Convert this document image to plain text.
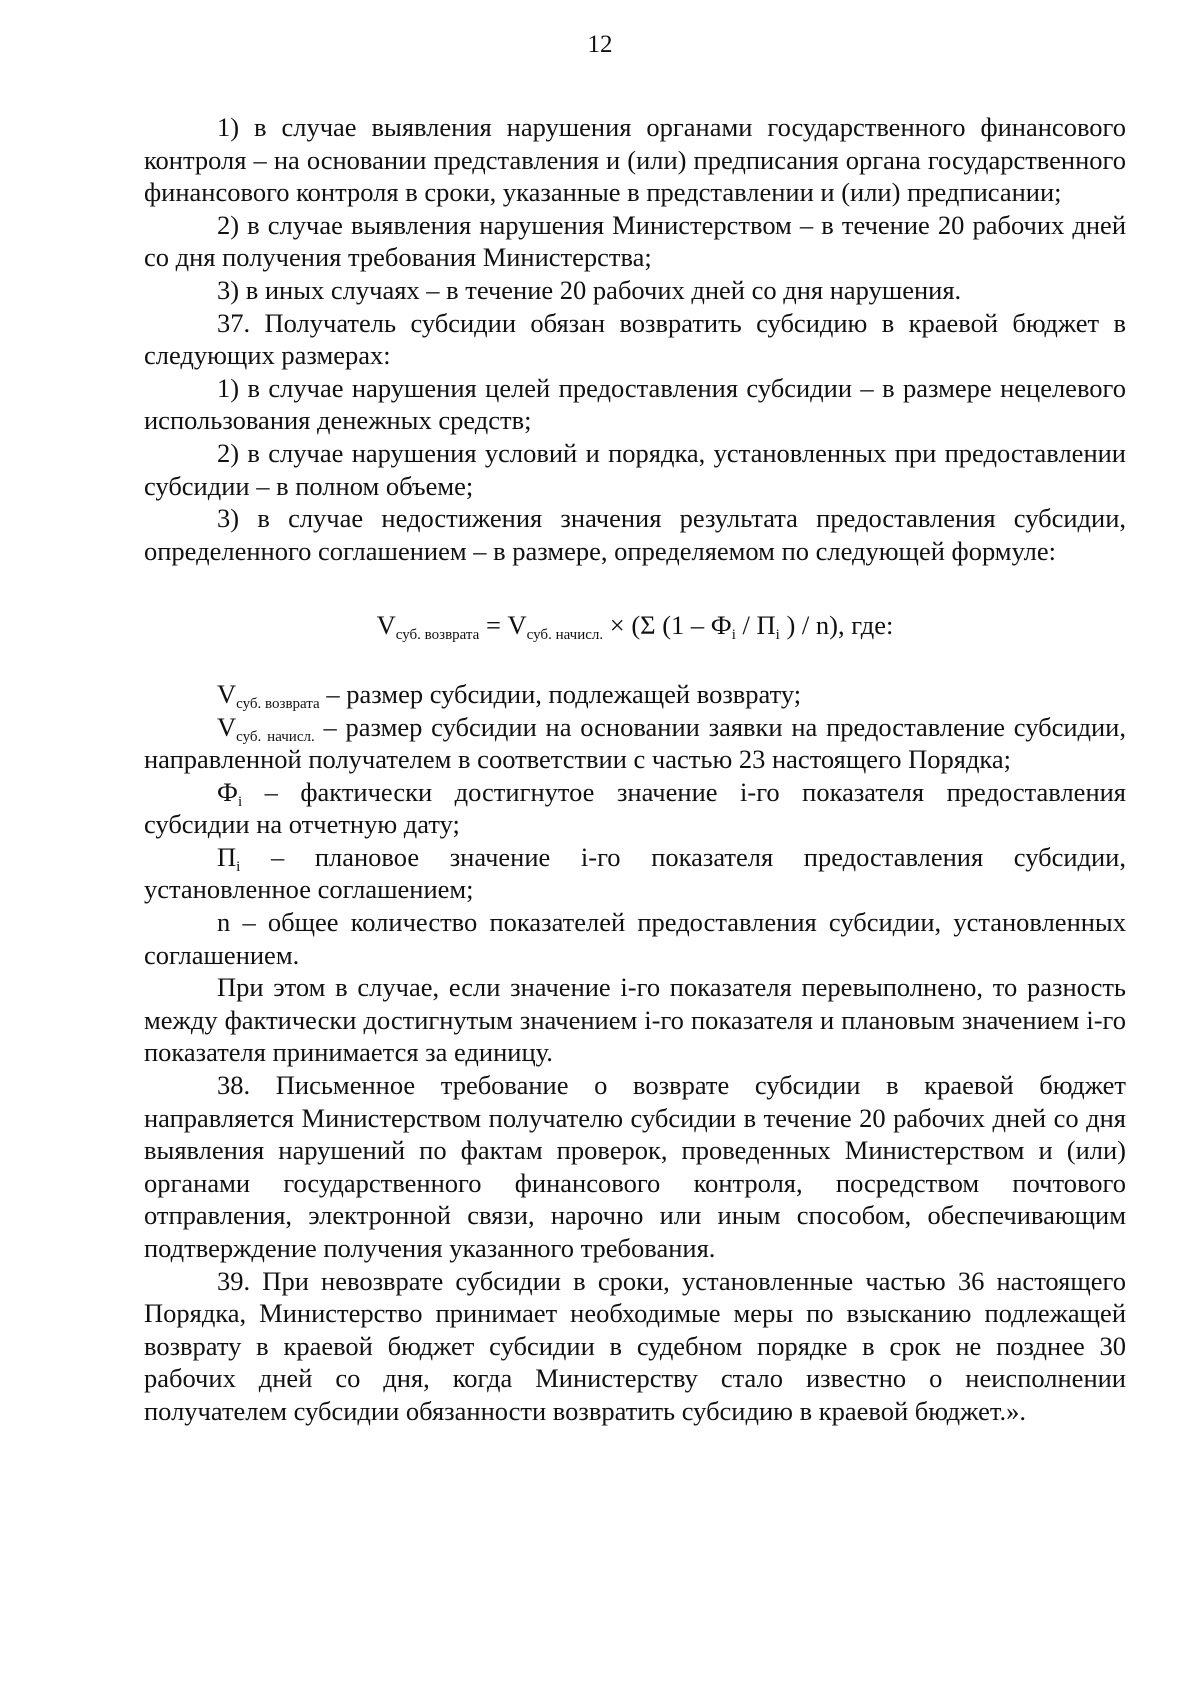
12

1) в случае выявления нарушения органами государственного финансового контроля – на основании представления и (или) предписания органа государственного финансового контроля в сроки, указанные в представлении и (или) предписании;

2) в случае выявления нарушения Министерством – в течение 20 рабочих дней со дня получения требования Министерства;

3) в иных случаях – в течение 20 рабочих дней со дня нарушения.

37. Получатель субсидии обязан возвратить субсидию в краевой бюджет в следующих размерах:

1) в случае нарушения целей предоставления субсидии – в размере нецелевого использования денежных средств;

2) в случае нарушения условий и порядка, установленных при предоставлении субсидии – в полном объеме;

3) в случае недостижения значения результата предоставления субсидии, определенного соглашением – в размере, определяемом по следующей формуле:

$V_{суб. возврата} = V_{суб. начисл.} \times (\Sigma$ ($1 - Ф_i / П_i$ ) / n), где:

$V_{суб. возврата}$ – размер субсидии, подлежащей возврату;

$V_{суб. начисл.}$ – размер субсидии на основании заявки на предоставление субсидии, направленной получателем в соответствии с частью 23 настоящего Порядка;

$Ф_i$ – фактически достигнутое значение i-го показателя предоставления субсидии на отчетную дату;

$П_i$ – плановое значение i-го показателя предоставления субсидии, установленное соглашением;

n – общее количество показателей предоставления субсидии, установленных соглашением.

При этом в случае, если значение i-го показателя перевыполнено, то разность между фактически достигнутым значением i-го показателя и плановым значением i-го показателя принимается за единицу.

38. Письменное требование о возврате субсидии в краевой бюджет направляется Министерством получателю субсидии в течение 20 рабочих дней со дня выявления нарушений по фактам проверок, проведенных Министерством и (или) органами государственного финансового контроля, посредством почтового отправления, электронной связи, нарочно или иным способом, обеспечивающим подтверждение получения указанного требования.

39. При невозврате субсидии в сроки, установленные частью 36 настоящего Порядка, Министерство принимает необходимые меры по взысканию подлежащей возврату в краевой бюджет субсидии в судебном порядке в срок не позднее 30 рабочих дней со дня, когда Министерству стало известно о неисполнении получателем субсидии обязанности возвратить субсидию в краевой бюджет.».
